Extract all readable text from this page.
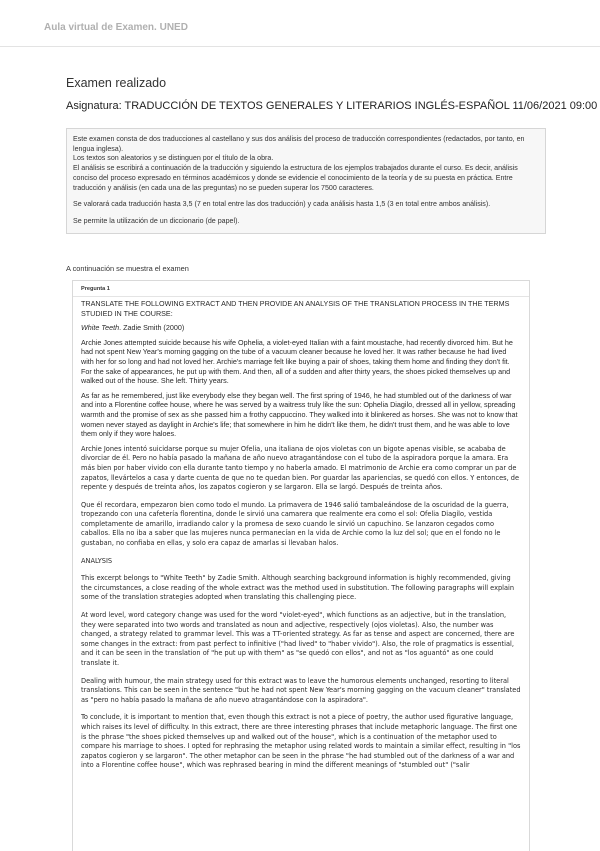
Aula virtual de Examen. UNED
Examen realizado
Asignatura: TRADUCCIÓN DE TEXTOS GENERALES Y LITERARIOS INGLÉS-ESPAÑOL 11/06/2021 09:00

Este examen consta de dos traducciones al castellano y sus dos análisis del proceso de traducción correspondientes (redactados, por tanto, en lengua inglesa).

Los textos son aleatorios y se distinguen por el título de la obra.

El análisis se escribirá a continuación de la traducción y siguiendo la estructura de los ejemplos trabajados durante el curso. Es decir, análisis conciso del proceso expresado en términos académicos y donde se evidencie el conocimiento de la teoría y de su puesta en práctica. Entre traducción y análisis (en cada una de las preguntas) no se pueden superar los 7500 caracteres.

Se valorará cada traducción hasta 3,5 (7 en total entre las dos traducción) y cada análisis hasta 1,5 (3 en total entre ambos análisis).

Se permite la utilización de un diccionario (de papel).

A continuación se muestra el examen
Pregunta 1

TRANSLATE THE FOLLOWING EXTRACT AND THEN PROVIDE AN ANALYSIS OF THE TRANSLATION PROCESS IN THE TERMS STUDIED IN THE COURSE:

White Teeth. Zadie Smith (2000)

Archie Jones attempted suicide because his wife Ophelia, a violet-eyed Italian with a faint moustache, had recently divorced him. But he had not spent New Year's morning gagging on the tube of a vacuum cleaner because he loved her. It was rather because he had lived with her for so long and had not loved her. Archie's marriage felt like buying a pair of shoes, taking them home and finding they don't fit. For the sake of appearances, he put up with them. And then, all of a sudden and after thirty years, the shoes picked themselves up and walked out of the house. She left. Thirty years.

As far as he remembered, just like everybody else they began well. The first spring of 1946, he had stumbled out of the darkness of war and into a Florentine coffee house, where he was served by a waitress truly like the sun: Ophelia Diagilo, dressed all in yellow, spreading warmth and the promise of sex as she passed him a frothy cappuccino. They walked into it blinkered as horses. She was not to know that women never stayed as daylight in Archie's life; that somewhere in him he didn't like them, he didn't trust them, and he was able to love them only if they wore haloes.

Archie Jones intentó suicidarse porque su mujer Ofelia, una italiana de ojos violetas con un bigote apenas visible, se acababa de divorciar de él. Pero no había pasado la mañana de año nuevo atragantándose con el tubo de la aspiradora porque la amara. Era más bien por haber vivido con ella durante tanto tiempo y no haberla amado. El matrimonio de Archie era como comprar un par de zapatos, llevártelos a casa y darte cuenta de que no te quedan bien. Por guardar las apariencias, se quedó con ellos. Y entonces, de repente y después de treinta años, los zapatos cogieron y se largaron. Ella se largó. Después de treinta años.

Que él recordara, empezaron bien como todo el mundo. La primavera de 1946 salió tambaleándose de la oscuridad de la guerra, tropezando con una cafetería florentina, donde le sirvió una camarera que realmente era como el sol: Ofelia Diagilo, vestida completamente de amarillo, irradiando calor y la promesa de sexo cuando le sirvió un capuchino. Se lanzaron cegados como caballos. Ella no iba a saber que las mujeres nunca permanecían en la vida de Archie como la luz del sol; que en el fondo no le gustaban, no confiaba en ellas, y solo era capaz de amarlas si llevaban halos.

ANALYSIS

This excerpt belongs to "White Teeth" by Zadie Smith. Although searching background information is highly recommended, giving the circumstances, a close reading of the whole extract was the method used in substitution. The following paragraphs will explain some of the translation strategies adopted when translating this challenging piece.

At word level, word category change was used for the word "violet-eyed", which functions as an adjective, but in the translation, they were separated into two words and translated as noun and adjective, respectively (ojos violetas). Also, the number was changed, a strategy related to grammar level. This was a TT-oriented strategy. As far as tense and aspect are concerned, there are some changes in the extract: from past perfect to infinitive ("had lived" to "haber vivido"). Also, the role of pragmatics is essential, and it can be seen in the translation of "he put up with them" as "se quedó con ellos", and not as "los aguantó" as one could translate it.

Dealing with humour, the main strategy used for this extract was to leave the humorous elements unchanged, resorting to literal translations. This can be seen in the sentence "but he had not spent New Year's morning gagging on the vacuum cleaner" translated as "pero no había pasado la mañana de año nuevo atragantándose con la aspiradora".

To conclude, it is important to mention that, even though this extract is not a piece of poetry, the author used figurative language, which raises its level of difficulty. In this extract, there are three interesting phrases that include metaphoric language. The first one is the phrase "the shoes picked themselves up and walked out of the house", which is a continuation of the metaphor used to compare his marriage to shoes. I opted for rephrasing the metaphor using related words to maintain a similar effect, resulting in "los zapatos cogieron y se largaron". The other metaphor can be seen in the phrase "he had stumbled out of the darkness of a war and into a Florentine coffee house", which was rephrased bearing in mind the different meanings of "stumbled out" ("salir
